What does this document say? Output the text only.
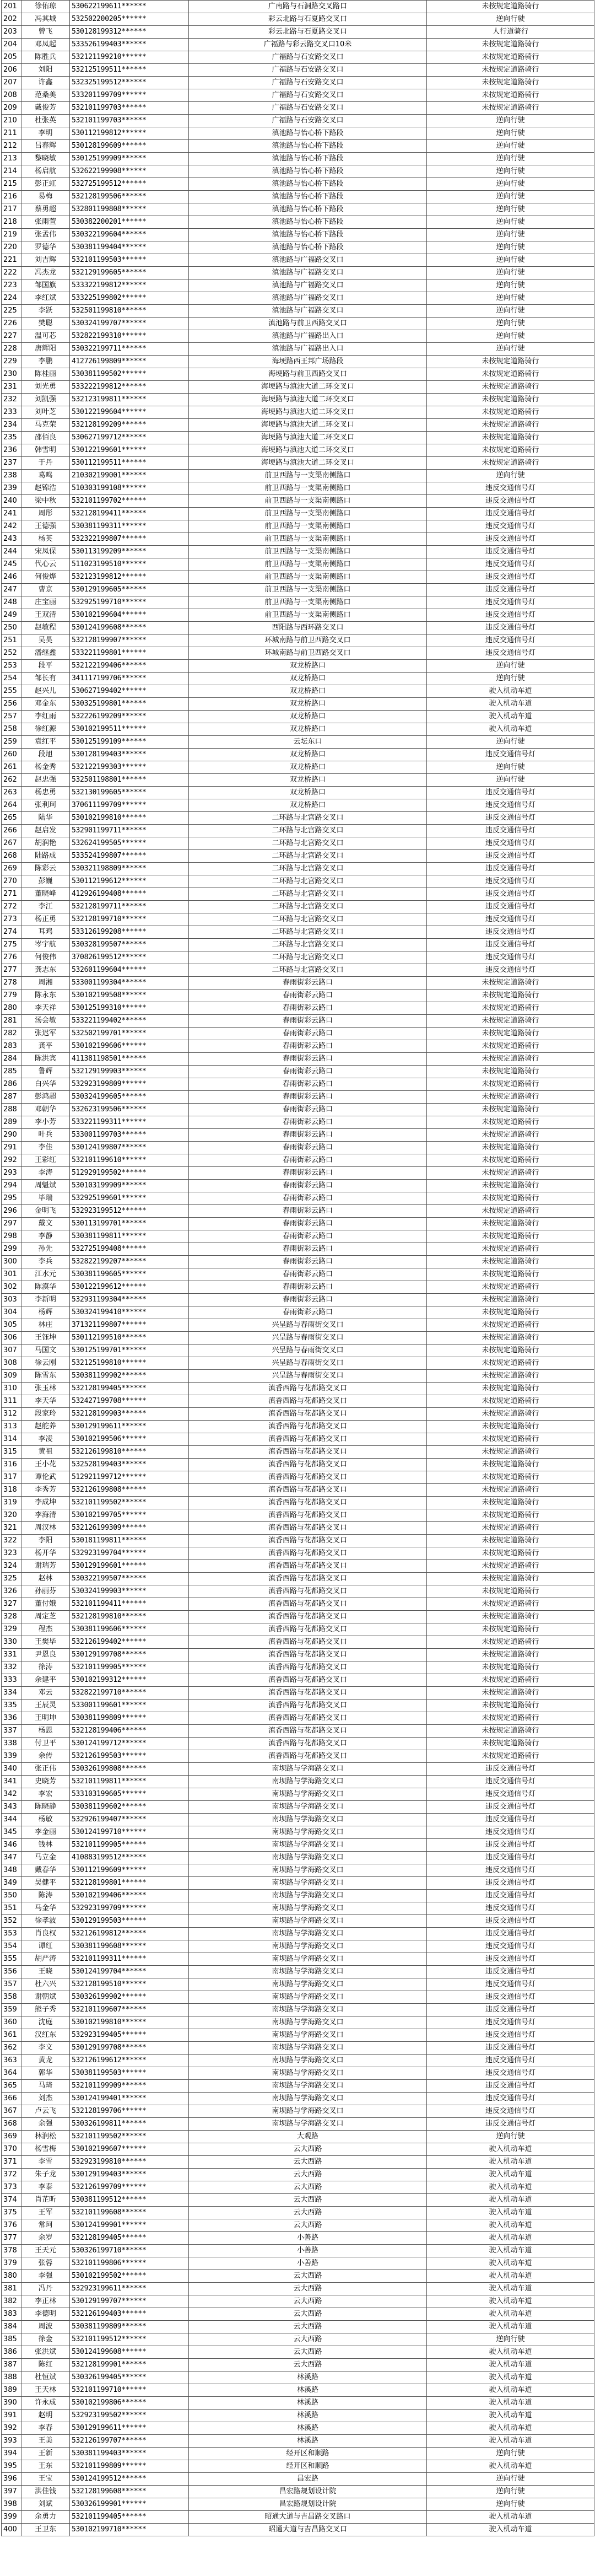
201	徐佑琼	530622199611******	广南路与石洞路交叉路口	未按规定道路骑行
202	冯其城	532502200205******	彩云北路与石夏路交叉口	逆向行驶
203	曾飞	530128199312******	彩云北路与石夏路交叉口	人行道骑行
204	邓凤起	533526199403******	广福路与彩云路交叉口10米	未按规定道路骑行
205	陈胜兵	532121199210******	广福路与石安路交叉口	未按规定道路骑行
206	刘阳	532125199511******	广福路与石安路交叉口	未按规定道路骑行
207	许鑫	532325199512******	广福路与石安路交叉口	未按规定道路骑行
208	范桑美	533201199709******	广福路与石安路交叉口	未按规定道路骑行
209	戴俊芳	532101199703******	广福路与石安路交叉口	未按规定道路骑行
210	杜张英	532101199703******	广福路与石安路交叉口	逆向行驶
211	李明	530112199812******	滇池路与怡心桥下路段	逆向行驶
212	吕春辉	530128199609******	滇池路与怡心桥下路段	逆向行驶
213	黎晓敏	530125199909******	滇池路与怡心桥下路段	逆向行驶
214	杨启航	532622199908******	滇池路与怡心桥下路段	逆向行驶
215	彭正虹	532725199512******	滇池路与怡心桥下路段	逆向行驶
216	易梅	532128199506******	滇池路与怡心桥下路段	逆向行驶
217	蔡勇超	532801199808******	滇池路与怡心桥下路段	逆向行驶
218	张雨萱	530382200201******	滇池路与怡心桥下路段	逆向行驶
219	张孟伟	530322199604******	滇池路与怡心桥下路段	逆向行驶
220	罗德华	530381199404******	滇池路与怡心桥下路段	逆向行驶
221	刘吉辉	532101199503******	滇池路与广福路交叉口	逆向行驶
222	冯杰龙	532129199605******	滇池路与广福路交叉口	逆向行驶
223	邹国旗	533322199812******	滇池路与广福路交叉口	逆向行驶
224	李红斌	533225199802******	滇池路与广福路交叉口	逆向行驶
225	李跃	532501199810******	滇池路与广福路交叉口	逆向行驶
226	樊聪	530324199707******	滇池路与前卫西路交叉口	逆向行驶
227	温可芯	532822199310******	滇池路与广福路出入口	逆向行驶
228	唐辉阳	530322199711******	滇池路与广福路出入口	逆向行驶
229	李鹏	412726199809******	海埂路西王邦广场路段	未按规定道路骑行
230	陈桂丽	530381199502******	海埂路与前卫西路交叉口	未按规定道路骑行
231	刘光勇	533222199812******	海埂路与滇池大道二环交叉口	未按规定道路骑行
232	刘凯强	532123199811******	海埂路与滇池大道二环交叉口	未按规定道路骑行
233	刘叶芝	530122199604******	海埂路与滇池大道二环交叉口	未按规定道路骑行
234	马克荣	532128199209******	海埂路与滇池大道二环交叉口	未按规定道路骑行
235	邵佰良	530627199712******	海埂路与滇池大道二环交叉口	未按规定道路骑行
236	韩雪明	530122199601******	海埂路与滇池大道二环交叉口	未按规定道路骑行
237	于丹	530112199511******	海埂路与滇池大道二环交叉口	未按规定道路骑行
238	葛鸣	210302199001******	前卫西路与一支渠南侧路口	逆向行驶
239	赵锦浩	510303199108******	前卫西路与一支渠南侧路口	违反交通信号灯
240	梁中秋	532101199702******	前卫西路与一支渠南侧路口	违反交通信号灯
241	周彤	532128199411******	前卫西路与一支渠南侧路口	违反交通信号灯
242	王德强	530381199311******	前卫西路与一支渠南侧路口	违反交通信号灯
243	杨英	532322199807******	前卫西路与一支渠南侧路口	违反交通信号灯
244	宋凤保	530113199209******	前卫西路与一支渠南侧路口	违反交通信号灯
245	代心云	511023199510******	前卫西路与一支渠南侧路口	违反交通信号灯
246	何俊烨	532123199812******	前卫西路与一支渠南侧路口	违反交通信号灯
247	曹京	530129199605******	前卫西路与一支渠南侧路口	违反交通信号灯
248	庄宝丽	532925199710******	前卫西路与一支渠南侧路口	违反交通信号灯
249	王双清	530102199604******	前卫西路与一支渠南侧路口	违反交通信号灯
250	赵敏程	530124199608******	西阳路与西环路交叉口	违反交通信号灯
251	吴昊	532128199907******	环城南路与前卫西路交叉口	违反交通信号灯
252	潘继鑫	533221199801******	环城南路与前卫西路交叉口	违反交通信号灯
253	段平	532122199406******	双龙桥路口	逆向行驶
254	邹长有	341117199706******	双龙桥路口	逆向行驶
255	赵兴儿	530627199402******	双龙桥路口	驶入机动车道
256	邓金东	530325199801******	双龙桥路口	驶入机动车道
257	李红雨	532226199209******	双龙桥路口	驶入机动车道
258	徐红源	530102199511******	双龙桥路口	驶入机动车道
259	袁红平	530125199109******	云坛东口	逆向行驶
260	段旭	530128199403******	双龙桥路口	违反交通信号灯
261	杨金秀	532122199303******	双龙桥路口	逆向行驶
262	赵忠强	532501198801******	双龙桥路口	逆向行驶
263	杨忠勇	532130199605******	双龙桥路口	违反交通信号灯
264	张利珂	370611199709******	双龙桥路口	违反交通信号灯
265	陆华	530102199810******	二环路与北宫路交叉口	违反交通信号灯
266	赵启发	532901199711******	二环路与北宫路交叉口	违反交通信号灯
267	胡润艳	532624199505******	二环路与北宫路交叉口	违反交通信号灯
268	陆路成	533524199807******	二环路与北宫路交叉口	违反交通信号灯
269	陈彩云	530321198809******	二环路与北宫路交叉口	违反交通信号灯
270	彭巍	530112199612******	二环路与北宫路交叉口	违反交通信号灯
271	董晓峰	412926199408******	二环路与北宫路交叉口	违反交通信号灯
272	李江	532128199711******	二环路与北宫路交叉口	违反交通信号灯
273	杨正勇	532128199710******	二环路与北宫路交叉口	违反交通信号灯
274	耳鸡	533126199208******	二环路与北宫路交叉口	违反交通信号灯
275	岑宇航	530328199507******	二环路与北宫路交叉口	违反交通信号灯
276	何俊伟	370826199512******	二环路与北宫路交叉口	违反交通信号灯
277	龚志东	532601199604******	二环路与北宫路交叉口	违反交通信号灯
278	周湘	533001199304******	春雨街彩云路口	未按规定道路骑行
279	陈永东	530102199508******	春雨街彩云路口	未按规定道路骑行
280	李天祥	530125199310******	春雨街彩云路口	未按规定道路骑行
281	汤会敏	533221199402******	春雨街彩云路口	未按规定道路骑行
282	张迟军	532502199701******	春雨街彩云路口	未按规定道路骑行
283	龚平	530102199606******	春雨街彩云路口	未按规定道路骑行
284	陈洪宾	411381198501******	春雨街彩云路口	未按规定道路骑行
285	鲁辉	532129199903******	春雨街彩云路口	未按规定道路骑行
286	白兴华	532923199809******	春雨街彩云路口	未按规定道路骑行
287	彭鸿超	530324199605******	春雨街彩云路口	未按规定道路骑行
288	邓朝华	532623199506******	春雨街彩云路口	未按规定道路骑行
289	李小芳	533221199311******	春雨街彩云路口	未按规定道路骑行
290	叶兵	533001199703******	春雨街彩云路口	未按规定道路骑行
291	李佳	530124199807******	春雨街彩云路口	未按规定道路骑行
292	王彩红	532101199610******	春雨街彩云路口	未按规定道路骑行
293	李涛	512929199502******	春雨街彩云路口	未按规定道路骑行
294	周魁斌	530103199909******	春雨街彩云路口	未按规定道路骑行
295	毕瑞	532925199601******	春雨街彩云路口	未按规定道路骑行
296	金明飞	532923199512******	春雨街彩云路口	未按规定道路骑行
297	戴文	530113199701******	春雨街彩云路口	未按规定道路骑行
298	李静	530381199811******	春雨街彩云路口	未按规定道路骑行
299	孙先	532725199408******	春雨街彩云路口	未按规定道路骑行
300	李兵	532822199207******	春雨街彩云路口	未按规定道路骑行
301	江水元	530381199605******	春雨街彩云路口	未按规定道路骑行
302	陈漠华	530122199612******	春雨街彩云路口	未按规定道路骑行
303	李新明	532931199304******	春雨街彩云路口	未按规定道路骑行
304	杨辉	530324199410******	春雨街彩云路口	未按规定道路骑行
305	林庄	371321199807******	兴呈路与春雨街交叉口	未按规定道路骑行
306	王钰坤	530112199510******	兴呈路与春雨街交叉口	未按规定道路骑行
307	马国文	530125199701******	兴呈路与春雨街交叉口	未按规定道路骑行
308	徐云刚	532125199810******	兴呈路与春雨街交叉口	未按规定道路骑行
309	陈雪东	530381199902******	兴呈路与春雨街交叉口	未按规定道路骑行
310	张玉林	532128199405******	滇香西路与花都路交叉口	未按规定道路骑行
311	李天华	532427199708******	滇香西路与花都路交叉口	未按规定道路骑行
312	段家玲	532128199903******	滇香西路与花都路交叉口	未按规定道路骑行
313	赵舵养	530129199611******	滇香西路与花都路交叉口	未按规定道路骑行
314	李凌	530102199506******	滇香西路与花都路交叉口	未按规定道路骑行
315	黄祖	532126199810******	滇香西路与花都路交叉口	未按规定道路骑行
316	王小花	532528199403******	滇香西路与花都路交叉口	未按规定道路骑行
317	谭伦武	512921199712******	滇香西路与花都路交叉口	未按规定道路骑行
318	李秀芳	532126199808******	滇香西路与花都路交叉口	未按规定道路骑行
319	李成坤	532101199502******	滇香西路与花都路交叉口	未按规定道路骑行
320	李海清	530102199705******	滇香西路与花都路交叉口	未按规定道路骑行
321	周汉林	532126199309******	滇香西路与花都路交叉口	未按规定道路骑行
322	李阳	530181199811******	滇香西路与花都路交叉口	未按规定道路骑行
323	杨开华	532923199704******	滇香西路与花都路交叉口	未按规定道路骑行
324	谢瑞芳	530129199601******	滇香西路与花都路交叉口	未按规定道路骑行
325	赵林	530322199507******	滇香西路与花都路交叉口	未按规定道路骑行
326	孙丽芬	530324199903******	滇香西路与花都路交叉口	未按规定道路骑行
327	董付娥	532101199411******	滇香西路与花都路交叉口	未按规定道路骑行
328	周定芝	532128199810******	滇香西路与花都路交叉口	未按规定道路骑行
329	程杰	530381199606******	滇香西路与花都路交叉口	未按规定道路骑行
330	王樊毕	532126199402******	滇香西路与花都路交叉口	未按规定道路骑行
331	尹恩良	530129199708******	滇香西路与花都路交叉口	未按规定道路骑行
332	徐涛	532101199905******	滇香西路与花都路交叉口	未按规定道路骑行
333	余建平	530102199312******	滇香西路与花都路交叉口	未按规定道路骑行
334	邓云	532822199710******	滇香西路与花都路交叉口	未按规定道路骑行
335	王辰灵	533001199601******	滇香西路与花都路交叉口	未按规定道路骑行
336	王明坤	530381199809******	滇香西路与花都路交叉口	未按规定道路骑行
337	杨恩	532128199406******	滇香西路与花都路交叉口	未按规定道路骑行
338	付卫平	530124199712******	滇香西路与花都路交叉口	未按规定道路骑行
339	余传	532126199503******	滇香西路与花都路交叉口	未按规定道路骑行
340	张正伟	530326199808******	南坝路与学海路交叉口	违反交通信号灯
341	史晓芳	532101199811******	南坝路与学海路交叉口	违反交通信号灯
342	李宏	533103199605******	南坝路与学海路交叉口	违反交通信号灯
343	陈晓静	530381199602******	南坝路与学海路交叉口	违反交通信号灯
344	杨敏	532926199407******	南坝路与学海路交叉口	违反交通信号灯
345	李金丽	530124199710******	南坝路与学海路交叉口	违反交通信号灯
346	钱林	532101199905******	南坝路与学海路交叉口	违反交通信号灯
347	马立金	410883199512******	南坝路与学海路交叉口	违反交通信号灯
348	戴春华	530112199609******	南坝路与学海路交叉口	违反交通信号灯
349	吴健平	532128199801******	南坝路与学海路交叉口	违反交通信号灯
350	陈涛	530102199406******	南坝路与学海路交叉口	违反交通信号灯
351	马金华	532923199709******	南坝路与学海路交叉口	违反交通信号灯
352	徐孝波	530129199503******	南坝路与学海路交叉口	违反交通信号灯
353	肖良权	532126199812******	南坝路与学海路交叉口	违反交通信号灯
354	谭红	530381199608******	南坝路与学海路交叉口	违反交通信号灯
355	胡严涛	532101199311******	南坝路与学海路交叉口	违反交通信号灯
356	王晓	530124199704******	南坝路与学海路交叉口	违反交通信号灯
357	杜六兴	532128199510******	南坝路与学海路交叉口	违反交通信号灯
358	谢朝斌	530326199902******	南坝路与学海路交叉口	违反交通信号灯
359	熊子秀	532101199607******	南坝路与学海路交叉口	违反交通信号灯
360	沈庭	530102199810******	南坝路与学海路交叉口	违反交通信号灯
361	汉红东	532923199405******	南坝路与学海路交叉口	违反交通信号灯
362	李文	530129199708******	南坝路与学海路交叉口	违反交通信号灯
363	黄龙	532126199612******	南坝路与学海路交叉口	违反交通信号灯
364	郭华	530381199503******	南坝路与学海路交叉口	违反交通信号灯
365	马琦	532101199909******	南坝路与学海路交叉口	违反交通信号灯
366	刘杰	530124199401******	南坝路与学海路交叉口	违反交通信号灯
367	卢云飞	532128199706******	南坝路与学海路交叉口	违反交通信号灯
368	余强	530326199811******	南坝路与学海路交叉口	违反交通信号灯
369	林润松	532101199502******	大观路	逆向行驶
370	杨雪梅	530102199607******	云大西路	驶入机动车道
371	李雪	532923199810******	云大西路	驶入机动车道
372	朱子龙	530129199403******	云大西路	驶入机动车道
373	李泰	532126199709******	云大西路	驶入机动车道
374	肖芷昕	530381199512******	云大西路	驶入机动车道
375	王军	532101199608******	云大西路	驶入机动车道
376	常珂	530124199901******	云大西路	驶入机动车道
377	余岁	532128199405******	小善路	驶入机动车道
378	王天元	530326199710******	小善路	驶入机动车道
379	张蓉	532101199806******	小善路	驶入机动车道
380	李强	530102199502******	云大西路	驶入机动车道
381	冯丹	532923199611******	云大西路	驶入机动车道
382	李正林	530129199707******	云大西路	驶入机动车道
383	李德明	532126199403******	云大西路	驶入机动车道
384	周波	530381199809******	云大西路	驶入机动车道
385	徐金	532101199512******	云大西路	逆向行驶
386	张洪斌	530124199608******	云大西路	驶入机动车道
387	陈红	532128199901******	云大西路	驶入机动车道
388	杜恒斌	530326199405******	林溪路	驶入机动车道
389	王天林	532101199710******	林溪路	驶入机动车道
390	许永成	530102199806******	林溪路	驶入机动车道
391	赵明	532923199502******	林溪路	驶入机动车道
392	李春	530129199611******	林溪路	驶入机动车道
393	王美	532126199707******	林溪路	驶入机动车道
394	王新	530381199403******	经开区和顺路	逆向行驶
395	王东	532101199809******	经开区和顺路	驶入机动车道
396	王宝	530124199512******	昌宏路	逆向行驶
397	洪佳钱	532128199608******	昌宏路规划设计院	逆向行驶
398	刘斌	530326199901******	昌宏路规划设计院	逆向行驶
399	余勇力	532101199405******	昭通大道与吉昌路交叉路口	驶入机动车道
400	王卫东	530102199710******	昭通大道与吉昌路交叉口	驶入机动车道
